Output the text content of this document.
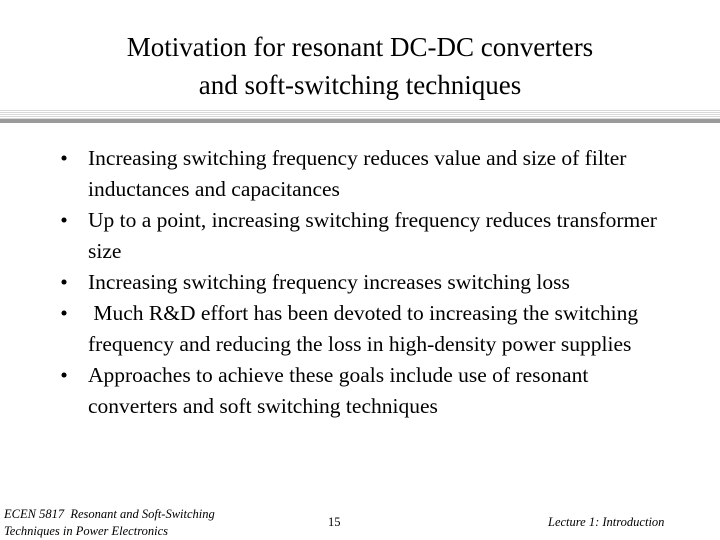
Motivation for resonant DC-DC converters
and soft-switching techniques
• Increasing switching frequency reduces value and size of filter inductances and capacitances
• Up to a point, increasing switching frequency reduces transformer size
• Increasing switching frequency increases switching loss
• Much R&D effort has been devoted to increasing the switching frequency and reducing the loss in high-density power supplies
• Approaches to achieve these goals include use of resonant converters and soft switching techniques
ECEN 5817  Resonant and Soft-Switching
Techniques in Power Electronics
15	Lecture 1: Introduction
